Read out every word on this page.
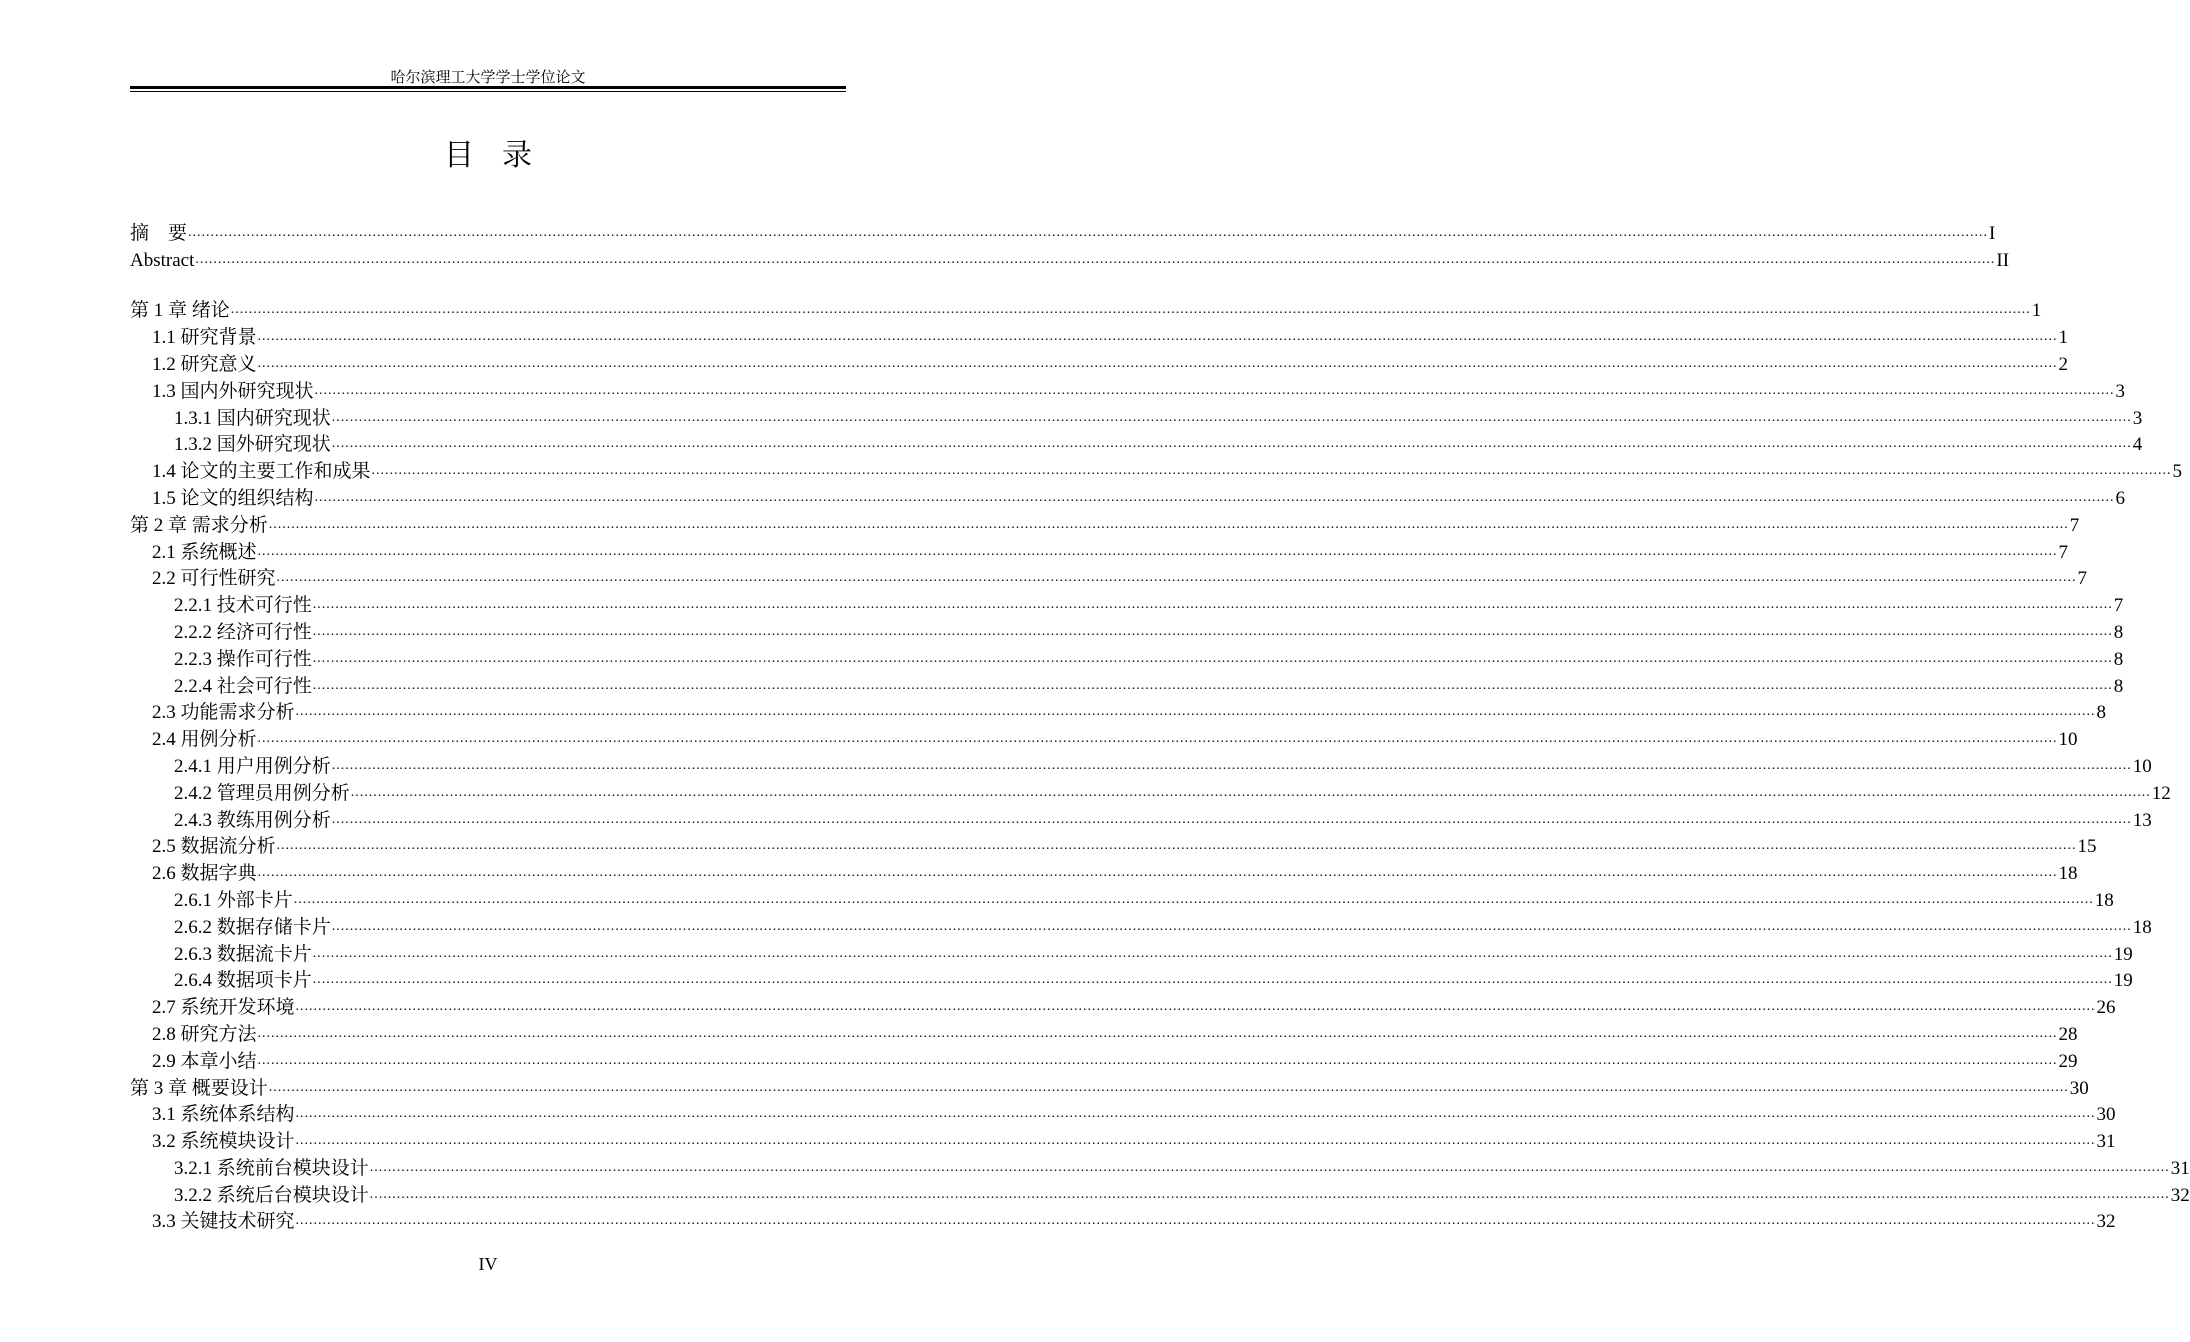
哈尔滨理工大学学士学位论文
目录
摘　要 ................................................................................................................................................................................................................................................................................................................................................................................................................ I
Abstract ................................................................................................................................................................................................................................................................................................................................................................................................................ II
第 1 章 绪论 ................................................................................................................................................................................................................................................................................................................................................................................................................ 1
1.1 研究背景 ................................................................................................................................................................................................................................................................................................................................................................................................................ 1
1.2 研究意义 ................................................................................................................................................................................................................................................................................................................................................................................................................ 2
1.3 国内外研究现状 ................................................................................................................................................................................................................................................................................................................................................................................................................ 3
1.3.1 国内研究现状 ................................................................................................................................................................................................................................................................................................................................................................................................................ 3
1.3.2 国外研究现状 ................................................................................................................................................................................................................................................................................................................................................................................................................ 4
1.4 论文的主要工作和成果 ................................................................................................................................................................................................................................................................................................................................................................................................................ 5
1.5 论文的组织结构 ................................................................................................................................................................................................................................................................................................................................................................................................................ 6
第 2 章 需求分析 ................................................................................................................................................................................................................................................................................................................................................................................................................ 7
2.1 系统概述 ................................................................................................................................................................................................................................................................................................................................................................................................................ 7
2.2 可行性研究 ................................................................................................................................................................................................................................................................................................................................................................................................................ 7
2.2.1 技术可行性 ................................................................................................................................................................................................................................................................................................................................................................................................................ 7
2.2.2 经济可行性 ................................................................................................................................................................................................................................................................................................................................................................................................................ 8
2.2.3 操作可行性 ................................................................................................................................................................................................................................................................................................................................................................................................................ 8
2.2.4 社会可行性 ................................................................................................................................................................................................................................................................................................................................................................................................................ 8
2.3 功能需求分析 ................................................................................................................................................................................................................................................................................................................................................................................................................ 8
2.4 用例分析 ................................................................................................................................................................................................................................................................................................................................................................................................................ 10
2.4.1 用户用例分析 ................................................................................................................................................................................................................................................................................................................................................................................................................ 10
2.4.2 管理员用例分析 ................................................................................................................................................................................................................................................................................................................................................................................................................ 12
2.4.3 教练用例分析 ................................................................................................................................................................................................................................................................................................................................................................................................................ 13
2.5 数据流分析 ................................................................................................................................................................................................................................................................................................................................................................................................................ 15
2.6 数据字典 ................................................................................................................................................................................................................................................................................................................................................................................................................ 18
2.6.1 外部卡片 ................................................................................................................................................................................................................................................................................................................................................................................................................ 18
2.6.2 数据存储卡片 ................................................................................................................................................................................................................................................................................................................................................................................................................ 18
2.6.3 数据流卡片 ................................................................................................................................................................................................................................................................................................................................................................................................................ 19
2.6.4 数据项卡片 ................................................................................................................................................................................................................................................................................................................................................................................................................ 19
2.7 系统开发环境 ................................................................................................................................................................................................................................................................................................................................................................................................................ 26
2.8 研究方法 ................................................................................................................................................................................................................................................................................................................................................................................................................ 28
2.9 本章小结 ................................................................................................................................................................................................................................................................................................................................................................................................................ 29
第 3 章 概要设计 ................................................................................................................................................................................................................................................................................................................................................................................................................ 30
3.1 系统体系结构 ................................................................................................................................................................................................................................................................................................................................................................................................................ 30
3.2 系统模块设计 ................................................................................................................................................................................................................................................................................................................................................................................................................ 31
3.2.1 系统前台模块设计 ................................................................................................................................................................................................................................................................................................................................................................................................................ 31
3.2.2 系统后台模块设计 ................................................................................................................................................................................................................................................................................................................................................................................................................ 32
3.3 关键技术研究 ................................................................................................................................................................................................................................................................................................................................................................................................................ 32
IV
